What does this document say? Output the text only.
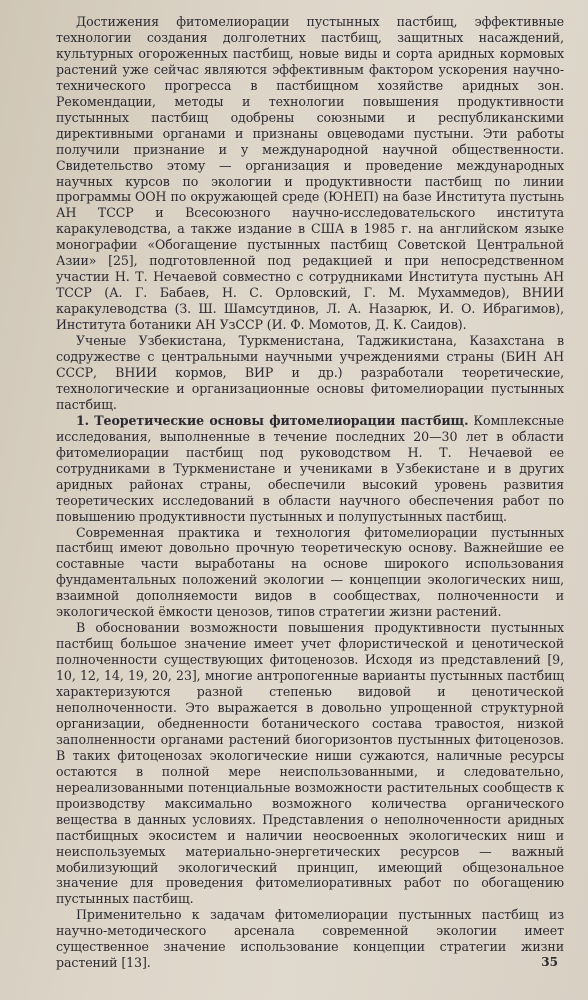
Достижения фитомелиорации пустынных пастбищ, эффективные технологии создания долголетних пастбищ, защитных насаждений, культурных огороженных пастбищ, новые виды и сорта аридных кормовых растений уже сейчас являются эффективным фактором ускорения научно-технического прогресса в пастбищном хозяйстве аридных зон. Рекомендации, методы и технологии повышения продуктивности пустынных пастбищ одобрены союзными и республиканскими директивными органами и признаны овцеводами пустыни. Эти работы получили признание и у международной научной общественности. Свидетельство этому — организация и проведение международных научных курсов по экологии и продуктивности пастбищ по линии программы ООН по окружающей среде (ЮНЕП) на базе Института пустынь АН ТССР и Всесоюзного научно-исследовательского института каракулеводства, а также издание в США в 1985 г. на английском языке монографии «Обогащение пустынных пастбищ Советской Центральной Азии» [25], подготовленной под редакцией и при непосредственном участии Н. Т. Нечаевой совместно с сотрудниками Института пустынь АН ТССР (А. Г. Бабаев, Н. С. Орловский, Г. М. Мухаммедов), ВНИИ каракулеводства (З. Ш. Шамсутдинов, Л. А. Назарюк, И. О. Ибрагимов), Института ботаники АН УзССР (И. Ф. Момотов, Д. К. Саидов).

Ученые Узбекистана, Туркменистана, Таджикистана, Казахстана в содружестве с центральными научными учреждениями страны (БИН АН СССР, ВНИИ кормов, ВИР и др.) разработали теоретические, технологические и организационные основы фитомелиорации пустынных пастбищ.

1. Теоретические основы фитомелиорации пастбищ. Комплексные исследования, выполненные в течение последних 20—30 лет в области фитомелиорации пастбищ под руководством Н. Т. Нечаевой ее сотрудниками в Туркменистане и учениками в Узбекистане и в других аридных районах страны, обеспечили высокий уровень развития теоретических исследований в области научного обеспечения работ по повышению продуктивности пустынных и полупустынных пастбищ.

Современная практика и технология фитомелиорации пустынных пастбищ имеют довольно прочную теоретическую основу. Важнейшие ее составные части выработаны на основе широкого использования фундаментальных положений экологии — концепции экологических ниш, взаимной дополняемости видов в сообществах, полноченности и экологической ёмкости ценозов, типов стратегии жизни растений.

В обосновании возможности повышения продуктивности пустынных пастбищ большое значение имеет учет флористической и ценотической полноченности существующих фитоценозов. Исходя из представлений [9, 10, 12, 14, 19, 20, 23], многие антропогенные варианты пустынных пастбищ характеризуются разной степенью видовой и ценотической неполноченности. Это выражается в довольно упрощенной структурной организации, обедненности ботанического состава травостоя, низкой заполненности органами растений биогоризонтов пустынных фитоценозов. В таких фитоценозах экологические ниши сужаются, наличные ресурсы остаются в полной мере неиспользованными, и следовательно, нереализованными потенциальные возможности растительных сообществ к производству максимально возможного количества органического вещества в данных условиях. Представления о неполноченности аридных пастбищных экосистем и наличии неосвоенных экологических ниш и неиспользуемых материально-энергетических ресурсов — важный мобилизующий экологический принцип, имеющий общезональное значение для проведения фитомелиоративных работ по обогащению пустынных пастбищ.

Применительно к задачам фитомелиорации пустынных пастбищ из научно-методического арсенала современной экологии имеет существенное значение использование концепции стратегии жизни растений [13].	35
